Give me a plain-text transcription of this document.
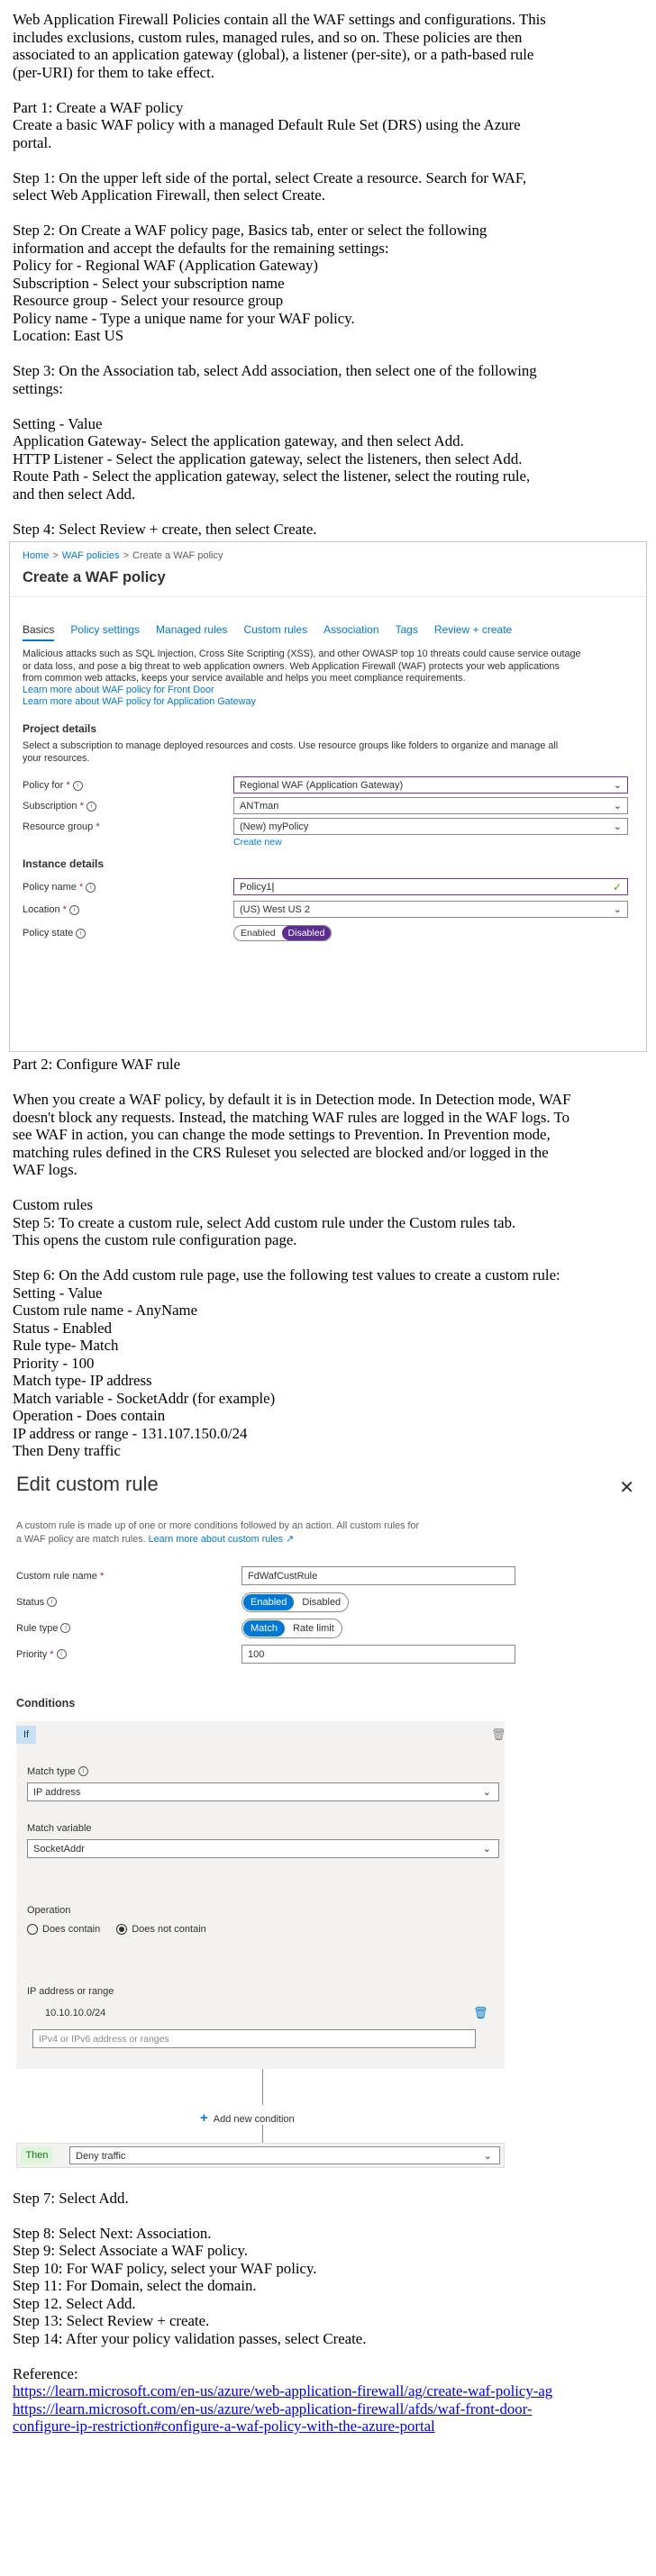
Web Application Firewall Policies contain all the WAF settings and configurations. This

includes exclusions, custom rules, managed rules, and so on. These policies are then

associated to an application gateway (global), a listener (per-site), or a path-based rule

(per-URI) for them to take effect.

Part 1: Create a WAF policy

Create a basic WAF policy with a managed Default Rule Set (DRS) using the Azure

portal.

Step 1: On the upper left side of the portal, select Create a resource. Search for WAF,

select Web Application Firewall, then select Create.

Step 2: On Create a WAF policy page, Basics tab, enter or select the following

information and accept the defaults for the remaining settings:

Policy for - Regional WAF (Application Gateway)

Subscription - Select your subscription name

Resource group - Select your resource group

Policy name - Type a unique name for your WAF policy.

Location: East US

Step 3: On the Association tab, select Add association, then select one of the following

settings:

Setting - Value

Application Gateway- Select the application gateway, and then select Add.

HTTP Listener - Select the application gateway, select the listeners, then select Add.

Route Path - Select the application gateway, select the listener, select the routing rule,

and then select Add.

Step 4: Select Review + create, then select Create.

Home > WAF policies > Create a WAF policy
Create a WAF policy
Basics Policy settings Managed rules Custom rules Association Tags Review + create
Malicious attacks such as SQL Injection, Cross Site Scripting (XSS), and other OWASP top 10 threats could cause service outage
or data loss, and pose a big threat to web application owners. Web Application Firewall (WAF) protects your web applications
from common web attacks, keeps your service available and helps you meet compliance requirements.
Learn more about WAF policy for Front Door
Learn more about WAF policy for Application Gateway
Project details
Select a subscription to manage deployed resources and costs. Use resource groups like folders to organize and manage all
your resources.
Policy for * i	Regional WAF (Application Gateway)	⌄
Subscription * i	ANTman	⌄
Resource group *	(New) myPolicy	⌄
Create new
Instance details
Policy name * i	Policy1|	✓
Location * i	(US) West US 2	⌄
Policy state i	Enabled	Disabled

Part 2: Configure WAF rule

When you create a WAF policy, by default it is in Detection mode. In Detection mode, WAF

doesn't block any requests. Instead, the matching WAF rules are logged in the WAF logs. To

see WAF in action, you can change the mode settings to Prevention. In Prevention mode,

matching rules defined in the CRS Ruleset you selected are blocked and/or logged in the

WAF logs.

Custom rules

Step 5: To create a custom rule, select Add custom rule under the Custom rules tab.

This opens the custom rule configuration page.

Step 6: On the Add custom rule page, use the following test values to create a custom rule:

Setting - Value

Custom rule name - AnyName

Status - Enabled

Rule type- Match

Priority - 100

Match type- IP address

Match variable - SocketAddr (for example)

Operation - Does contain

IP address or range - 131.107.150.0/24

Then Deny traffic

Edit custom rule	✕
A custom rule is made up of one or more conditions followed by an action. All custom rules for
a WAF policy are match rules. Learn more about custom rules ↗
Custom rule name *	FdWafCustRule
Status i	Enabled	Disabled
Rule type i	Match	Rate limit
Priority * i	100
Conditions
If	🗑
Match type i
IP address	⌄
Match variable
SocketAddr	⌄
Operation
Does contain	Does not contain
IP address or range
10.10.10.0/24	🗑
IPv4 or IPv6 address or ranges
+ Add new condition
Then	Deny traffic	⌄

Step 7: Select Add.

Step 8: Select Next: Association.

Step 9: Select Associate a WAF policy.

Step 10: For WAF policy, select your WAF policy.

Step 11: For Domain, select the domain.

Step 12. Select Add.

Step 13: Select Review + create.

Step 14: After your policy validation passes, select Create.

Reference:

https://learn.microsoft.com/en-us/azure/web-application-firewall/ag/create-waf-policy-ag

https://learn.microsoft.com/en-us/azure/web-application-firewall/afds/waf-front-door-

configure-ip-restriction#configure-a-waf-policy-with-the-azure-portal
